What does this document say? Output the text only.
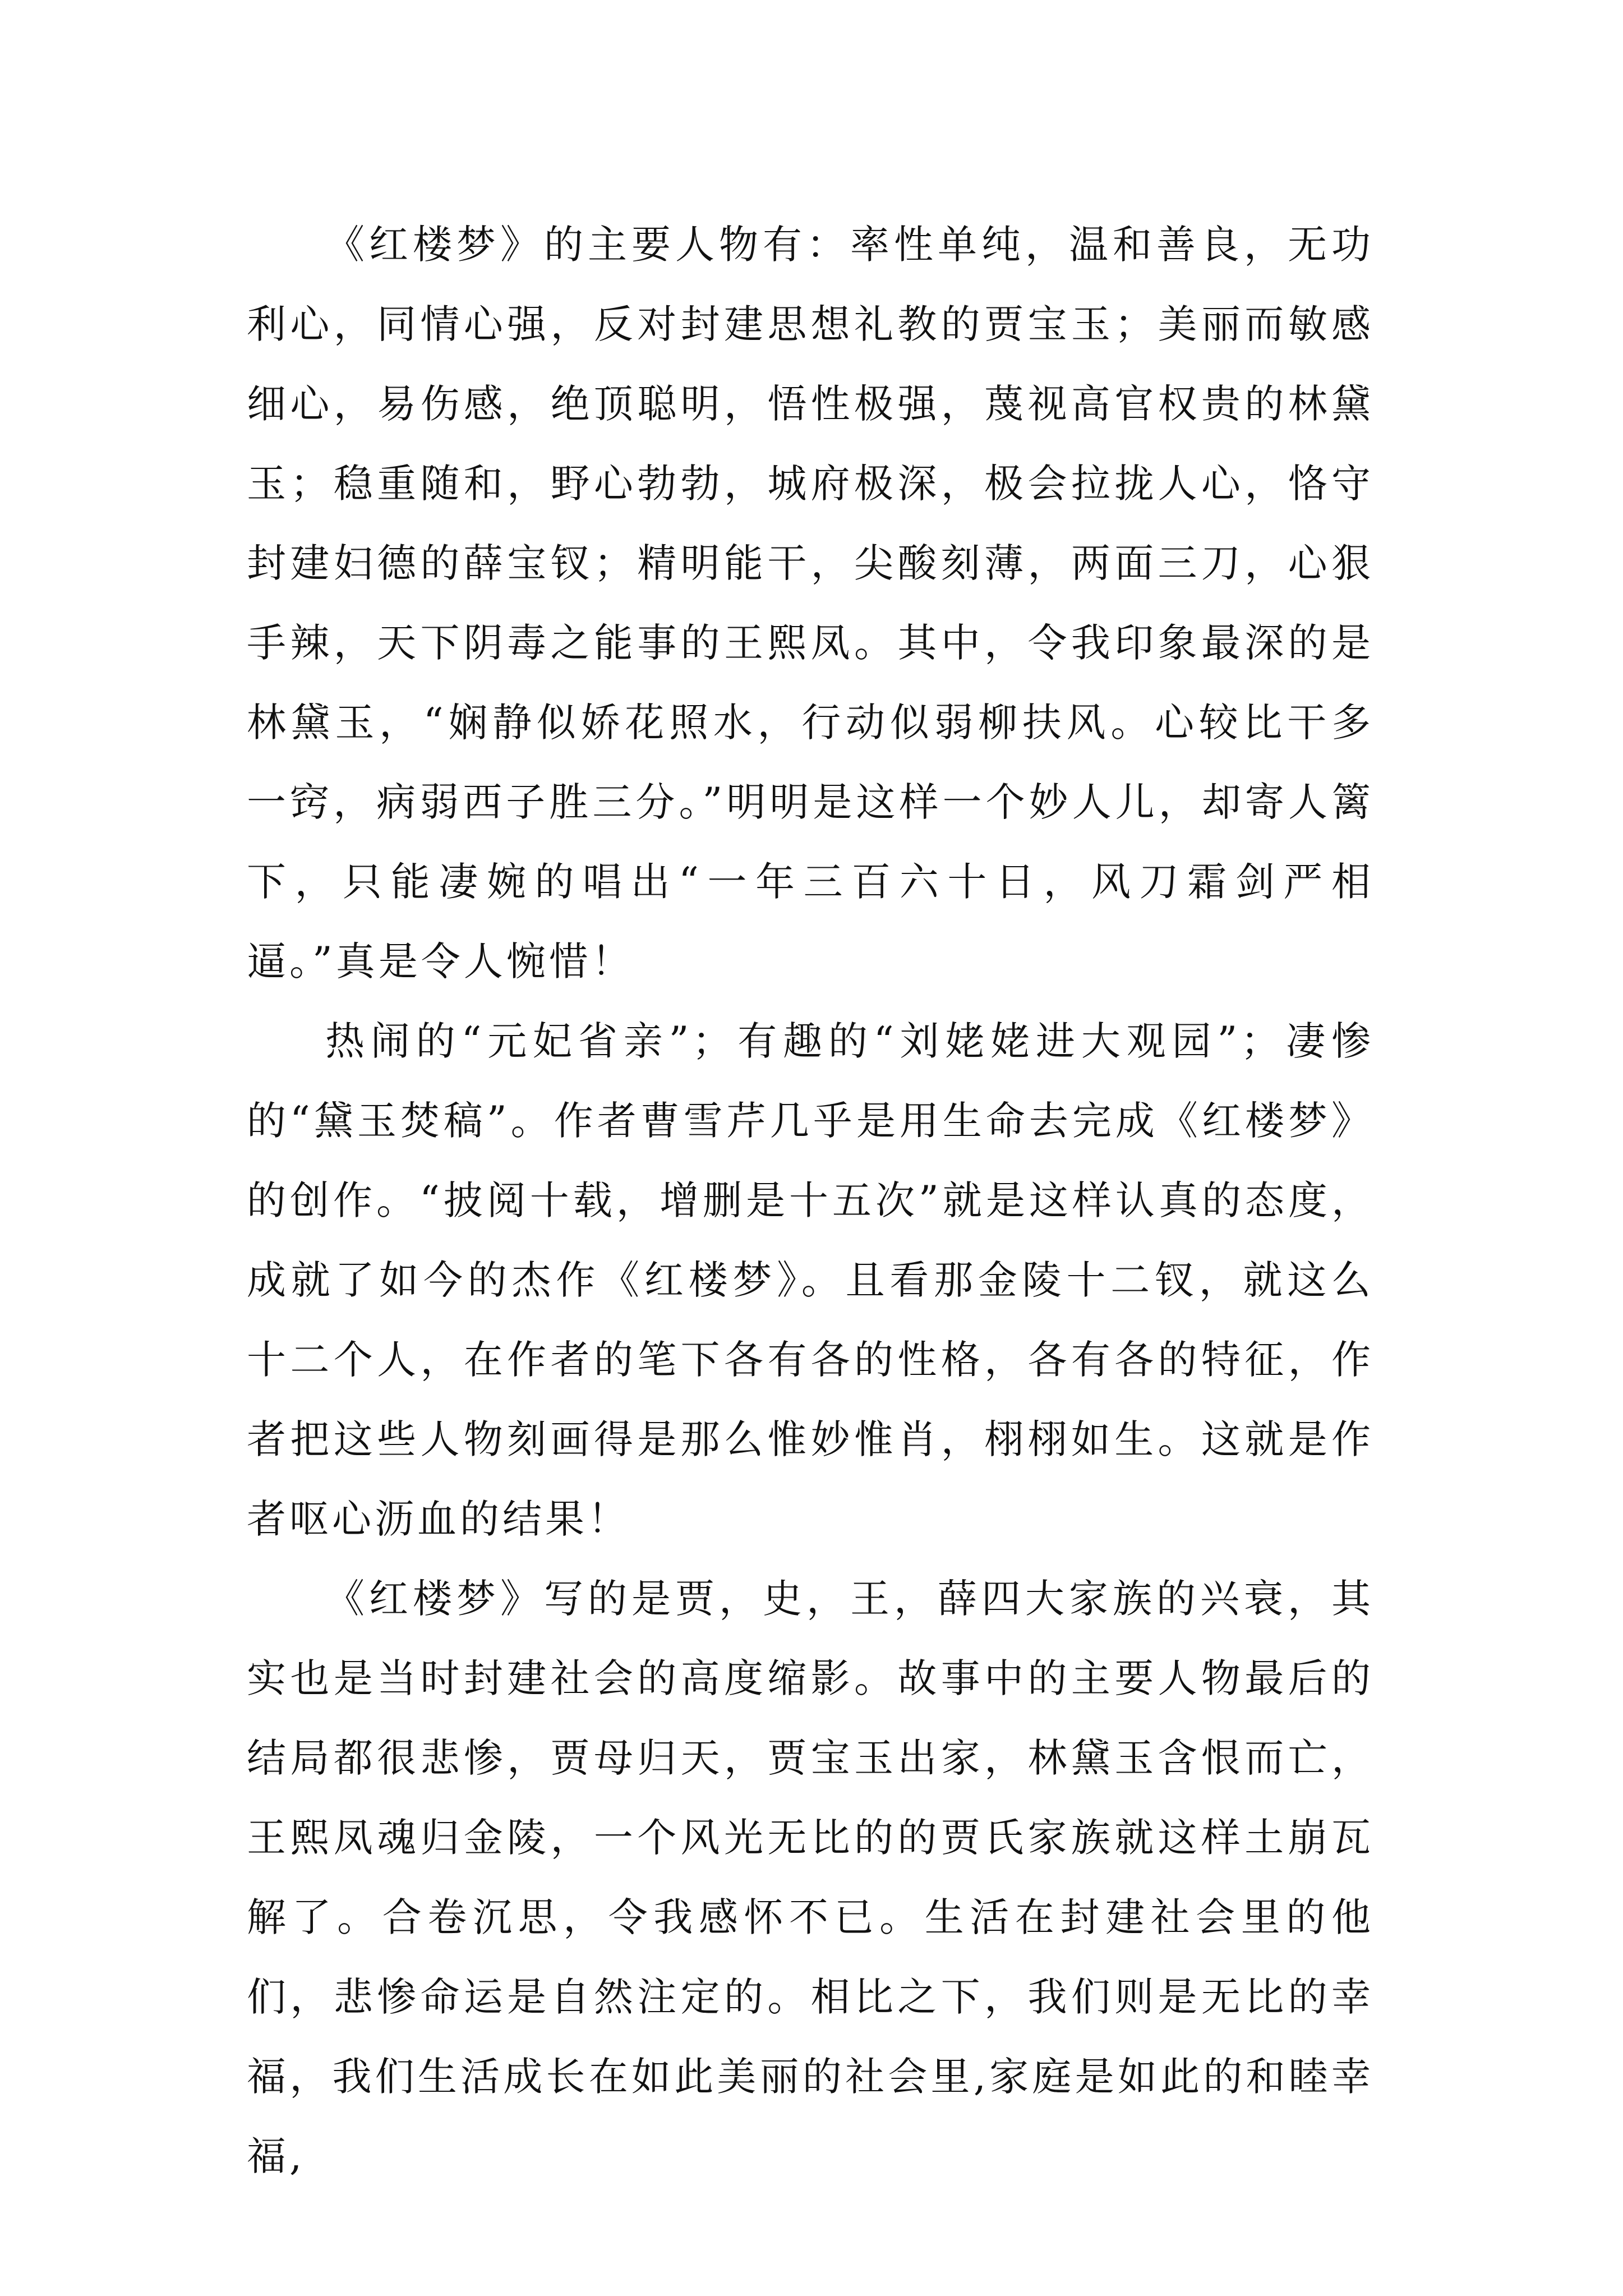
《红楼梦》的主要人物有：率性单纯，温和善良，无功利心，同情心强，反对封建思想礼教的贾宝玉；美丽而敏感细心，易伤感，绝顶聪明，悟性极强，蔑视高官权贵的林黛玉；稳重随和，野心勃勃，城府极深，极会拉拢人心，恪守封建妇德的薛宝钗；精明能干，尖酸刻薄，两面三刀，心狠手辣，天下阴毒之能事的王熙凤。其中，令我印象最深的是林黛玉，“娴静似娇花照水，行动似弱柳扶风。心较比干多一窍，病弱西子胜三分。”明明是这样一个妙人儿，却寄人篱下，只能凄婉的唱出“一年三百六十日，风刀霜剑严相逼。”真是令人惋惜！

热闹的“元妃省亲”；有趣的“刘姥姥进大观园”；凄惨的“黛玉焚稿”。作者曹雪芹几乎是用生命去完成《红楼梦》的创作。“披阅十载，增删是十五次”就是这样认真的态度，成就了如今的杰作《红楼梦》。且看那金陵十二钗，就这么十二个人，在作者的笔下各有各的性格，各有各的特征，作者把这些人物刻画得是那么惟妙惟肖，栩栩如生。这就是作者呕心沥血的结果！

《红楼梦》写的是贾，史，王，薛四大家族的兴衰，其实也是当时封建社会的高度缩影。故事中的主要人物最后的结局都很悲惨，贾母归天，贾宝玉出家，林黛玉含恨而亡，王熙凤魂归金陵，一个风光无比的的贾氏家族就这样土崩瓦解了。合卷沉思，令我感怀不已。生活在封建社会里的他们，悲惨命运是自然注定的。相比之下，我们则是无比的幸福，我们生活成长在如此美丽的社会里,家庭是如此的和睦幸福,
